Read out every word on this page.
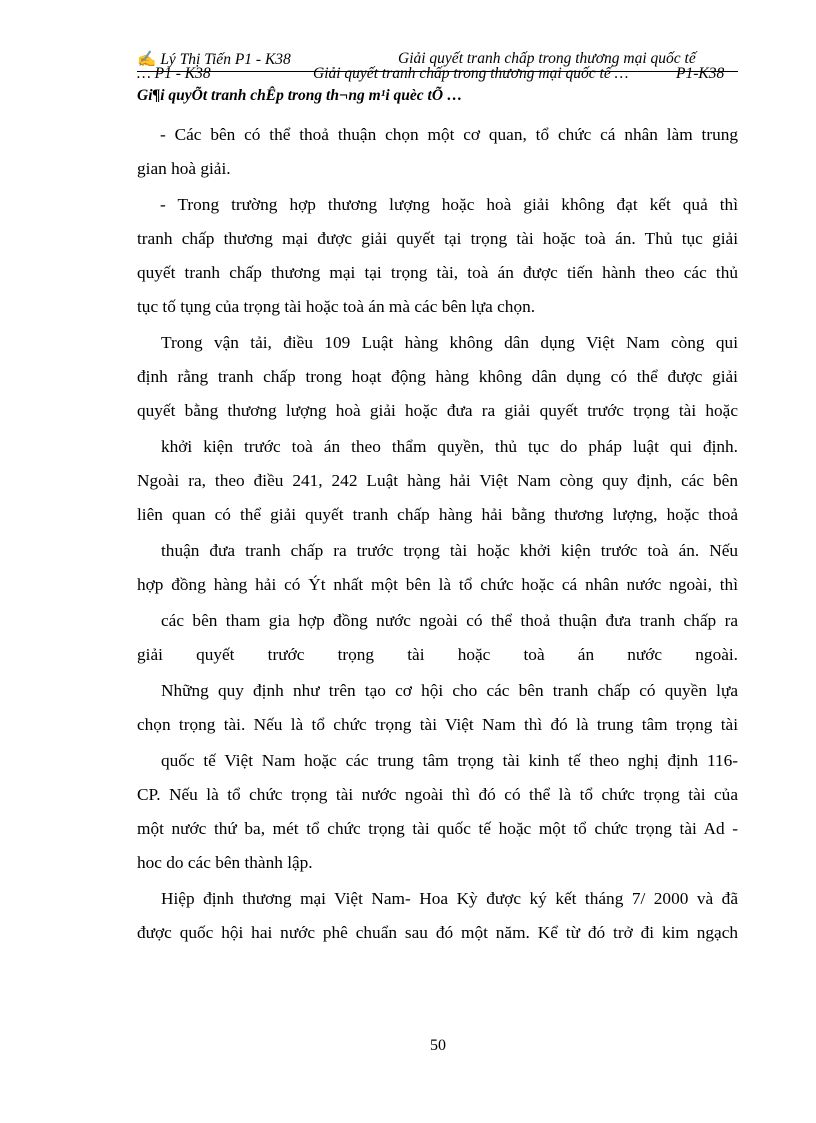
✍ Lý Thị Tiến P1 - K38	Giải quyết tranh chấp trong thương mại quốc tế
… P1 - K38	Giải quyết tranh chấp trong thương mại quốc tế …	P1-K38
Gi¶i quyÕt tranh chÊp trong th¬ng m¹i quèc tÕ …
- Các bên có thể thoả thuận chọn một cơ quan, tổ chức cá nhân làm trung
gian hoà giải.
- Trong trường hợp thương lượng hoặc hoà giải không đạt kết quả thì
tranh chấp thương mại được giải quyết tại trọng tài hoặc toà án. Thủ tục giải
quyết tranh chấp thương mại tại trọng tài, toà án được tiến hành theo các thủ
tục tố tụng của trọng tài hoặc toà án mà các bên lựa chọn.
Trong vận tải, điều 109 Luật hàng không dân dụng Việt Nam còng qui
định rằng tranh chấp trong hoạt động hàng không dân dụng có thể được giải
quyết bằng thương lượng hoà giải hoặc đưa ra giải quyết trước trọng tài hoặc
khởi kiện trước toà án theo thẩm quyền, thủ tục do pháp luật qui định.
Ngoài ra, theo điều 241, 242 Luật hàng hải Việt Nam còng quy định, các bên
liên quan có thể giải quyết tranh chấp hàng hải bằng thương lượng, hoặc thoả
thuận đưa tranh chấp ra trước trọng tài hoặc khởi kiện trước toà án. Nếu
hợp đồng hàng hải có Ýt nhất một bên là tổ chức hoặc cá nhân nước ngoài, thì
các bên tham gia hợp đồng nước ngoài có thể thoả thuận đưa tranh chấp ra
giải quyết trước trọng tài hoặc toà án nước ngoài.
Những quy định như trên tạo cơ hội cho các bên tranh chấp có quyền lựa
chọn trọng tài. Nếu là tổ chức trọng tài Việt Nam thì đó là trung tâm trọng tài
quốc tế Việt Nam hoặc các trung tâm trọng tài kinh tế theo nghị định 116-
CP. Nếu là tổ chức trọng tài nước ngoài thì đó có thể là tổ chức trọng tài của
một nước thứ ba, mét tổ chức trọng tài quốc tế hoặc một tổ chức trọng tài Ad -
hoc do các bên thành lập.
Hiệp định thương mại Việt Nam- Hoa Kỳ được ký kết tháng 7/ 2000 và đã
được quốc hội hai nước phê chuẩn sau đó một năm. Kể từ đó trở đi kim ngạch
50
